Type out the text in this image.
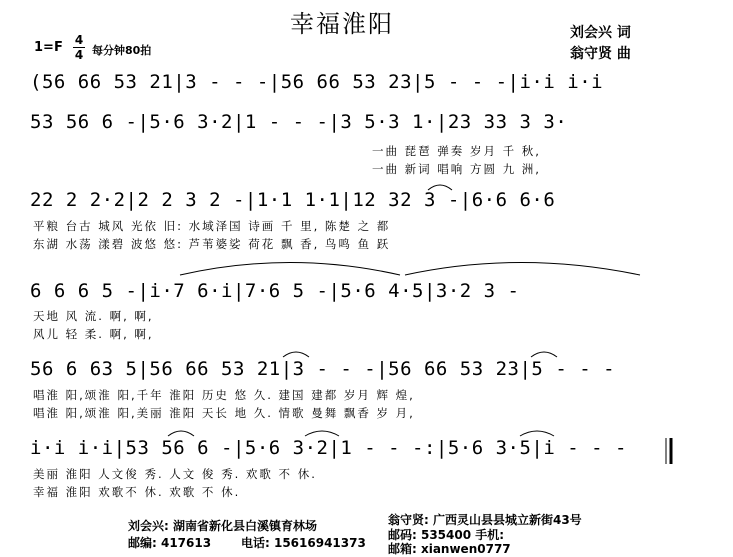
幸福淮阳	刘会兴 词
翁守贤 曲
1=F 4
4 每分钟80拍
(56 66 53 21|3 - - -|56 66 53 23|5 - - -|i·i i·i
53 56 6 -|5·6 3·2|1 - - -|3 5·3 1·|23 33 3 3·
22 2 2·2|2 2 3 2 -|1·1 1·1|12 32 3 -|6·6 6·6
6 6 6 5 -|i·7 6·i|7·6 5 -|5·6 4·5|3·2 3 -
56 6 63 5|56 66 53 21|3 - - -|56 66 53 23|5 - - -
i·i i·i|53 56 6 -|5·6 3·2|1 - - -:|5·6 3·5|i - - -
一曲 琵琶 弹奏 岁月 千 秋,
一曲 新词 唱响 方圆 九 洲,
平粮 台古 城风 光依 旧: 水域泽国 诗画 千 里, 陈楚 之 都
东湖 水荡 漾碧 波悠 悠: 芦苇婆娑 荷花 飘 香, 鸟鸣 鱼 跃
天地 风 流. 啊, 啊,
风儿 轻 柔. 啊, 啊,
唱淮 阳,颂淮 阳,千年 淮阳 历史 悠 久. 建国 建都 岁月 辉 煌,
唱淮 阳,颂淮 阳,美丽 淮阳 天长 地 久. 情歌 曼舞 飘香 岁 月,
美丽 淮阳 人文俊 秀. 人文 俊 秀. 欢歌 不 休.
幸福 淮阳 欢歌不 休. 欢歌 不 休.
刘会兴: 湖南省新化县白溪镇育林场
邮编: 417613 电话: 15616941373
翁守贤: 广西灵山县县城立新街43号
邮码: 535400 手机:
邮箱: xianwen0777
